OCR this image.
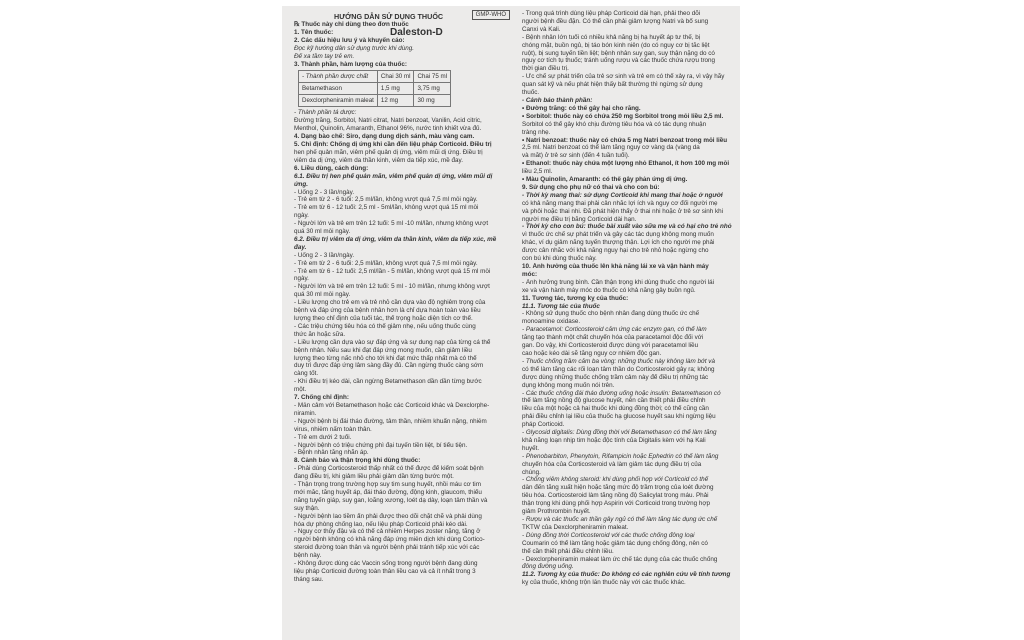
HƯỚNG DẪN SỬ DỤNG THUỐC	GMP-WHO
℞ Thuốc này chỉ dùng theo đơn thuốc
Daleston-D
1. Tên thuốc:
2. Các dấu hiệu lưu ý và khuyến cáo:
Đọc kỹ hướng dẫn sử dụng trước khi dùng.
Để xa tầm tay trẻ em.
3. Thành phần, hàm lượng của thuốc:
- Thành phần dược chất	Chai 30 ml	Chai 75 ml
Betamethason	1,5 mg	3,75 mg
Dexclorpheniramin maleat	12 mg	30 mg
- Thành phần tá dược:
Đường trắng, Sorbitol, Natri citrat, Natri benzoat, Vanilin, Acid citric,
Menthol, Quinolin, Amaranth, Ethanol 96%, nước tinh khiết vừa đủ.
4. Dạng bào chế: Siro, dạng dung dịch sánh, màu vàng cam.
5. Chỉ định: Chống dị ứng khi cần đến liệu pháp Corticoid. Điều trị
hen phế quản mãn, viêm phế quản dị ứng, viêm mũi dị ứng. Điều trị
viêm da dị ứng, viêm da thần kinh, viêm da tiếp xúc, mề đay.
6. Liều dùng, cách dùng:
6.1. Điều trị hen phế quản mãn, viêm phế quản dị ứng, viêm mũi dị
ứng.
- Uống 2 - 3 lần/ngày.
- Trẻ em từ 2 - 6 tuổi: 2,5 ml/lần, không vượt quá 7,5 ml mỗi ngày.
- Trẻ em từ 6 - 12 tuổi: 2,5 ml - 5ml/lần, không vượt quá 15 ml mỗi
ngày.
- Người lớn và trẻ em trên 12 tuổi: 5 ml -10 ml/lần, nhưng không vượt
quá 30 ml mỗi ngày.
6.2. Điều trị viêm da dị ứng, viêm da thần kinh, viêm da tiếp xúc, mề
đay.
- Uống 2 - 3 lần/ngày.
- Trẻ em từ 2 - 6 tuổi: 2,5 ml/lần, không vượt quá 7,5 ml mỗi ngày.
- Trẻ em từ 6 - 12 tuổi: 2,5 ml/lần - 5 ml/lần, không vượt quá 15 ml mỗi
ngày.
- Người lớn và trẻ em trên 12 tuổi: 5 ml - 10 ml/lần, nhưng không vượt
quá 30 ml mỗi ngày.
- Liều lượng cho trẻ em và trẻ nhỏ cần dựa vào độ nghiêm trọng của
bệnh và đáp ứng của bệnh nhân hơn là chỉ dựa hoàn toàn vào liều
lượng theo chỉ định của tuổi tác, thể trọng hoặc diện tích cơ thể.
- Các triệu chứng tiêu hóa có thể giảm nhẹ, nếu uống thuốc cùng
thức ăn hoặc sữa.
- Liều lượng cần dựa vào sự đáp ứng và sự dung nạp của từng cá thể
bệnh nhân. Nếu sau khi đạt đáp ứng mong muốn, cần giảm liều
lượng theo từng nấc nhỏ cho tới khi đạt mức thấp nhất mà có thể
duy trì được đáp ứng lâm sàng đầy đủ. Cần ngừng thuốc càng sớm
càng tốt.
- Khi điều trị kéo dài, cần ngừng Betamethason dần dần từng bước
một.
7. Chống chỉ định:
- Mẫn cảm với Betamethason hoặc các Corticoid khác và Dexclorphe-
niramin.
- Người bệnh bị đái tháo đường, tâm thần, nhiễm khuẩn nặng, nhiễm
virus, nhiễm nấm toàn thân.
- Trẻ em dưới 2 tuổi.
- Người bệnh có triệu chứng phì đại tuyến tiền liệt, bí tiểu tiện.
- Bệnh nhân tăng nhãn áp.
8. Cảnh báo và thận trọng khi dùng thuốc:
- Phải dùng Corticosteroid thấp nhất có thể được để kiểm soát bệnh
đang điều trị, khi giảm liều phải giảm dần từng bước một.
- Thận trọng trong trường hợp suy tim sung huyết, nhồi máu cơ tim
mới mắc, tăng huyết áp, đái tháo đường, động kinh, glaucom, thiểu
năng tuyến giáp, suy gan, loãng xương, loét dạ dày, loạn tâm thần và
suy thận.
- Người bệnh lao tiềm ẩn phải được theo dõi chặt chẽ và phải dùng
hóa dự phòng chống lao, nếu liệu pháp Corticoid phải kéo dài.
- Nguy cơ thủy đậu và có thể cả nhiễm Herpes zoster nặng, tăng ở
người bệnh không có khả năng đáp ứng miễn dịch khi dùng Cortico-
steroid đường toàn thân và người bệnh phải tránh tiếp xúc với các
bệnh này.
- Không được dùng các Vaccin sống trong người bệnh đang dùng
liệu pháp Corticoid đường toàn thân liều cao và cả ít nhất trong 3
tháng sau.
- Trong quá trình dùng liệu pháp Corticoid dài hạn, phải theo dõi
người bệnh đều đặn. Có thể cần phải giảm lượng Natri và bổ sung
Canxi và Kali.
- Bệnh nhân lớn tuổi có nhiều khả năng bị hạ huyết áp tư thế, bị
chóng mặt, buồn ngủ, bị táo bón kinh niên (do có nguy cơ bị tắc liệt
ruột), bị sung tuyến tiền liệt; bệnh nhân suy gan, suy thận nặng do có
nguy cơ tích tụ thuốc; tránh uống rượu và các thuốc chứa rượu trong
thời gian điều trị.
- Ức chế sự phát triển của trẻ sơ sinh và trẻ em có thể xảy ra, vì vậy hãy
quan sát kỹ và nếu phát hiện thấy bất thường thì ngừng sử dụng
thuốc.
- Cảnh báo thành phần:
• Đường trắng: có thể gây hại cho răng.
• Sorbitol: thuốc này có chứa 250 mg Sorbitol trong mỗi liều 2,5 ml.
Sorbitol có thể gây khó chịu đường tiêu hóa và có tác dụng nhuận
tràng nhẹ.
• Natri benzoat: thuốc này có chứa 5 mg Natri benzoat trong mỗi liều
2,5 ml. Natri benzoat có thể làm tăng nguy cơ vàng da (vàng da
và mắt) ở trẻ sơ sinh (đến 4 tuần tuổi).
• Ethanol: thuốc này chứa một lượng nhỏ Ethanol, ít hơn 100 mg mỗi
liều 2,5 ml.
• Màu Quinolin, Amaranth: có thể gây phản ứng dị ứng.
9. Sử dụng cho phụ nữ có thai và cho con bú:
- Thời kỳ mang thai: sử dụng Corticoid khi mang thai hoặc ở người
có khả năng mang thai phải cân nhắc lợi ích và nguy cơ đối người mẹ
và phôi hoặc thai nhi. Đã phát hiện thấy ở thai nhi hoặc ở trẻ sơ sinh khi
người mẹ điều trị bằng Corticoid dài hạn.
- Thời kỳ cho con bú: thuốc bài xuất vào sữa mẹ và có hại cho trẻ nhỏ
vì thuốc ức chế sự phát triển và gây các tác dụng không mong muốn
khác, ví dụ giảm năng tuyến thượng thận. Lợi ích cho người mẹ phải
được cân nhắc với khả năng nguy hại cho trẻ nhỏ hoặc ngừng cho
con bú khi dùng thuốc này.
10. Ảnh hưởng của thuốc lên khả năng lái xe và vận hành máy
móc:
- Ảnh hưởng trung bình. Cần thận trọng khi dùng thuốc cho người lái
xe và vận hành máy móc do thuốc có khả năng gây buồn ngủ.
11. Tương tác, tương kỵ của thuốc:
11.1. Tương tác của thuốc
- Không sử dụng thuốc cho bệnh nhân đang dùng thuốc ức chế
monoamine oxidase.
- Paracetamol: Corticosteroid cảm ứng các enzym gan, có thể làm
tăng tạo thành một chất chuyển hóa của paracetamol độc đối với
gan. Do vậy, khi Corticosteroid được dùng với paracetamol liều
cao hoặc kéo dài sẽ tăng nguy cơ nhiễm độc gan.
- Thuốc chống trầm cảm ba vòng: những thuốc này không làm bớt và
có thể làm tăng các rối loạn tâm thần do Corticosteroid gây ra; không
được dùng những thuốc chống trầm cảm này để điều trị những tác
dụng không mong muốn nói trên.
- Các thuốc chống đái tháo đường uống hoặc insulin: Betamethason có
thể làm tăng nồng độ glucose huyết, nên cần thiết phải điều chỉnh
liều của một hoặc cả hai thuốc khi dùng đồng thời; có thể cũng cần
phải điều chỉnh lại liều của thuốc hạ glucose huyết sau khi ngừng liệu
pháp Corticoid.
- Glycosid digitalis: Dùng đồng thời với Betamethason có thể làm tăng
khả năng loạn nhịp tim hoặc độc tính của Digitalis kèm với hạ Kali
huyết.
- Phenobarbiton, Phenytoin, Rifampicin hoặc Ephedrin có thể làm tăng
chuyển hóa của Corticosteroid và làm giảm tác dụng điều trị của
chúng.
- Chống viêm không steroid: khi dùng phối hợp với Corticoid có thể
dẫn đến tăng xuất hiện hoặc tăng mức độ trầm trọng của loét đường
tiêu hóa. Corticosteroid làm tăng nồng độ Salicylat trong máu. Phải
thận trọng khi dùng phối hợp Aspirin với Corticoid trong trường hợp
giảm Prothrombin huyết.
- Rượu và các thuốc an thần gây ngủ có thể làm tăng tác dụng ức chế
TKTW của Dexclorpheniramin maleat.
- Dùng đồng thời Corticosteroid với các thuốc chống đông loại
Coumarin có thể làm tăng hoặc giảm tác dụng chống đông, nên có
thể cần thiết phải điều chỉnh liều.
- Dexclorpheniramin maleat làm ức chế tác dụng của các thuốc chống
đông đường uống.
11.2. Tương kỵ của thuốc: Do không có các nghiên cứu về tính tương
kỵ của thuốc, không trộn lẫn thuốc này với các thuốc khác.
